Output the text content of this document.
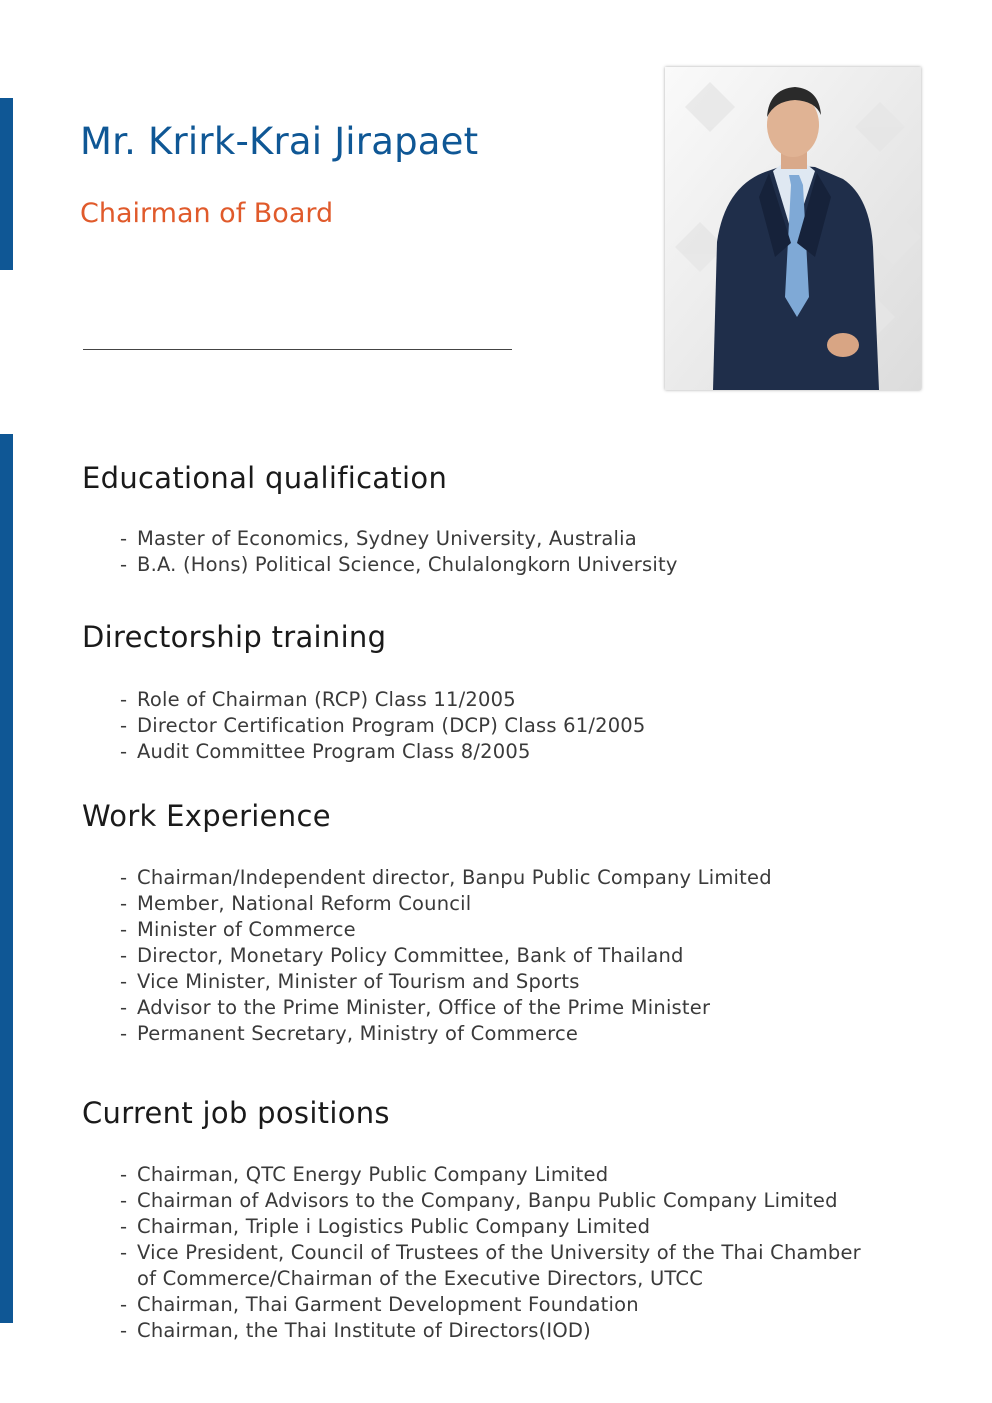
Mr. Krirk-Krai Jirapaet
Chairman of Board
Educational qualification
- Master of Economics, Sydney University, Australia
- B.A. (Hons) Political Science, Chulalongkorn University
Directorship training
- Role of Chairman (RCP) Class 11/2005
- Director Certification Program (DCP) Class 61/2005
- Audit Committee Program Class 8/2005
Work Experience
- Chairman/Independent director, Banpu Public Company Limited
- Member, National Reform Council
- Minister of Commerce
- Director, Monetary Policy Committee, Bank of Thailand
- Vice Minister, Minister of Tourism and Sports
- Advisor to the Prime Minister, Office of the Prime Minister
- Permanent Secretary, Ministry of Commerce
Current job positions
- Chairman, QTC Energy Public Company Limited
- Chairman of Advisors to the Company, Banpu Public Company Limited
- Chairman, Triple i Logistics Public Company Limited
- Vice President, Council of Trustees of the University of the Thai Chamber
of Commerce/Chairman of the Executive Directors, UTCC
- Chairman, Thai Garment Development Foundation
- Chairman, the Thai Institute of Directors(IOD)
